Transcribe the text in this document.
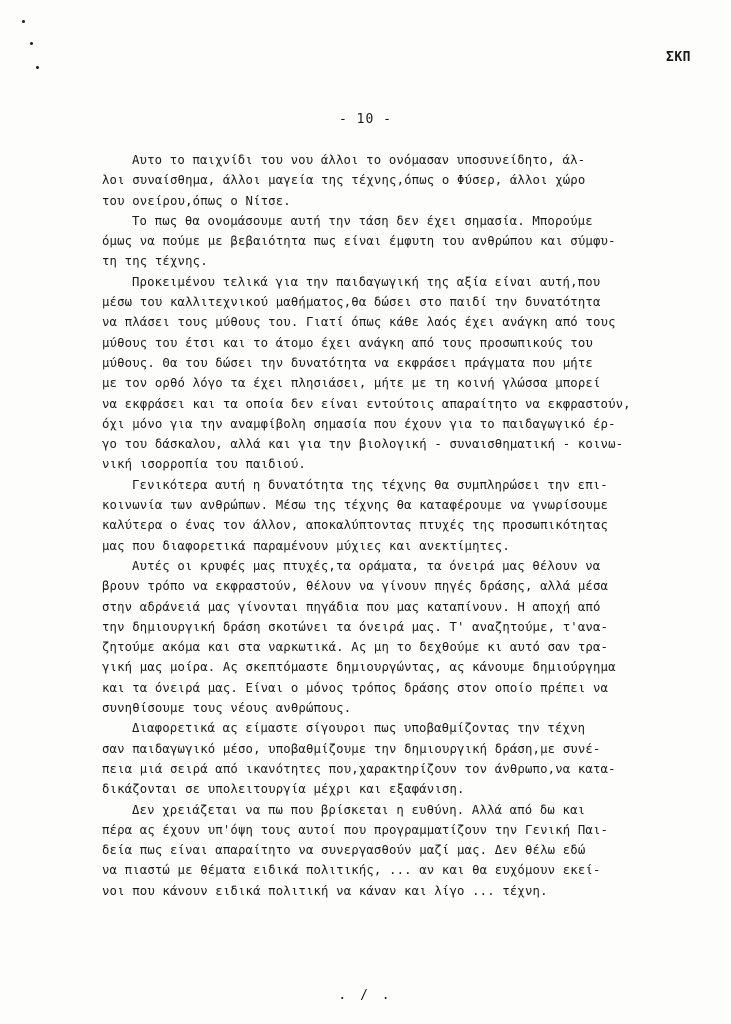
ΣΚΠ
- 10 -
Αυτο το παιχνίδι του νου άλλοι το ονόμασαν υποσυνείδητο, άλ-
λοι συναίσθημα, άλλοι μαγεία της τέχνης,όπως ο Φύσερ, άλλοι χώρο
του ονείρου,όπως ο Νίτσε.
Το πως θα ονομάσουμε αυτή την τάση δεν έχει σημασία. Μπορούμε
όμως να πούμε με βεβαιότητα πως είναι έμφυτη του ανθρώπου και σύμφυ-
τη της τέχνης.
Προκειμένου τελικά για την παιδαγωγική της αξία είναι αυτή,που
μέσω του καλλιτεχνικού μαθήματος,θα δώσει στο παιδί την δυνατότητα
να πλάσει τους μύθους του. Γιατί όπως κάθε λαός έχει ανάγκη από τους
μύθους του έτσι και το άτομο έχει ανάγκη από τους προσωπικούς του
μύθους. Θα του δώσει την δυνατότητα να εκφράσει πράγματα που μήτε
με τον ορθό λόγο τα έχει πλησιάσει, μήτε με τη κοινή γλώσσα μπορεί
να εκφράσει και τα οποία δεν είναι εντούτοις απαραίτητο να εκφραστούν,
όχι μόνο για την αναμφίβολη σημασία που έχουν για το παιδαγωγικό έρ-
γο του δάσκαλου, αλλά και για την βιολογική - συναισθηματική - κοινω-
νική ισορροπία του παιδιού.
Γενικότερα αυτή η δυνατότητα της τέχνης θα συμπληρώσει την επι-
κοινωνία των ανθρώπων. Μέσω της τέχνης θα καταφέρουμε να γνωρίσουμε
καλύτερα ο ένας τον άλλον, αποκαλύπτοντας πτυχές της προσωπικότητας
μας που διαφορετικά παραμένουν μύχιες και ανεκτίμητες.
Αυτές οι κρυφές μας πτυχές,τα οράματα, τα όνειρά μας θέλουν να
βρουν τρόπο να εκφραστούν, θέλουν να γίνουν πηγές δράσης, αλλά μέσα
στην αδράνειά μας γίνονται πηγάδια που μας καταπίνουν. Η αποχή από
την δημιουργική δράση σκοτώνει τα όνειρά μας. Τ' αναζητούμε, τ'ανα-
ζητούμε ακόμα και στα ναρκωτικά. Ας μη το δεχθούμε κι αυτό σαν τρα-
γική μας μοίρα. Ας σκεπτόμαστε δημιουργώντας, ας κάνουμε δημιούργημα
και τα όνειρά μας. Είναι ο μόνος τρόπος δράσης στον οποίο πρέπει να
συνηθίσουμε τους νέους ανθρώπους.
Διαφορετικά ας είμαστε σίγουροι πως υποβαθμίζοντας την τέχνη
σαν παιδαγωγικό μέσο, υποβαθμίζουμε την δημιουργική δράση,με συνέ-
πεια μιά σειρά από ικανότητες που,χαρακτηρίζουν τον άνθρωπο,να κατα-
δικάζονται σε υπολειτουργία μέχρι και εξαφάνιση.
Δεν χρειάζεται να πω που βρίσκεται η ευθύνη. Αλλά από δω και
πέρα ας έχουν υπ'όψη τους αυτοί που προγραμματίζουν την Γενική Παι-
δεία πως είναι απαραίτητο να συνεργασθούν μαζί μας. Δεν θέλω εδώ
να πιαστώ με θέματα ειδικά πολιτικής, ... αν και θα ευχόμουν εκεί-
νοι που κάνουν ειδικά πολιτική να κάναν και λίγο ... τέχνη.
. / .
